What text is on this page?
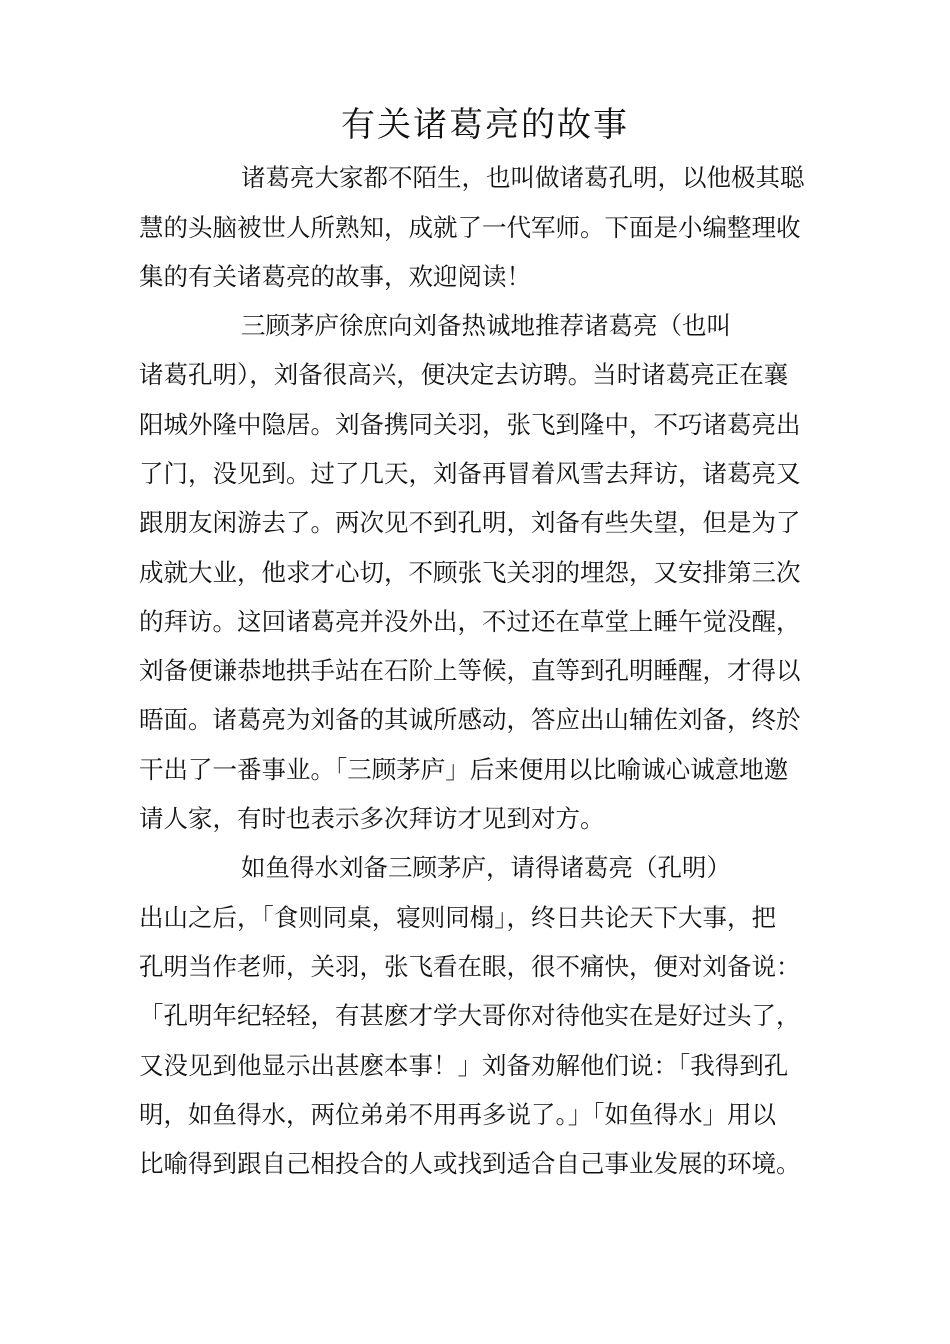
有关诸葛亮的故事

诸葛亮大家都不陌生，也叫做诸葛孔明，以他极其聪

慧的头脑被世人所熟知，成就了一代军师。下面是小编整理收

集的有关诸葛亮的故事，欢迎阅读！

三顾茅庐徐庶向刘备热诚地推荐诸葛亮（也叫

诸葛孔明），刘备很高兴，便决定去访聘。当时诸葛亮正在襄

阳城外隆中隐居。刘备携同关羽，张飞到隆中，不巧诸葛亮出

了门，没见到。过了几天，刘备再冒着风雪去拜访，诸葛亮又

跟朋友闲游去了。两次见不到孔明，刘备有些失望，但是为了

成就大业，他求才心切，不顾张飞关羽的埋怨，又安排第三次

的拜访。这回诸葛亮并没外出，不过还在草堂上睡午觉没醒，

刘备便谦恭地拱手站在石阶上等候，直等到孔明睡醒，才得以

晤面。诸葛亮为刘备的其诚所感动，答应出山辅佐刘备，终於

干出了一番事业。「三顾茅庐」后来便用以比喻诚心诚意地邀

请人家，有时也表示多次拜访才见到对方。

如鱼得水刘备三顾茅庐，请得诸葛亮（孔明）

出山之后，「食则同桌，寝则同榻」，终日共论天下大事，把

孔明当作老师，关羽，张飞看在眼，很不痛快，便对刘备说：

「孔明年纪轻轻，有甚麽才学大哥你对待他实在是好过头了，

又没见到他显示出甚麽本事！」刘备劝解他们说：「我得到孔

明，如鱼得水，两位弟弟不用再多说了。」「如鱼得水」用以

比喻得到跟自己相投合的人或找到适合自己事业发展的环境。
